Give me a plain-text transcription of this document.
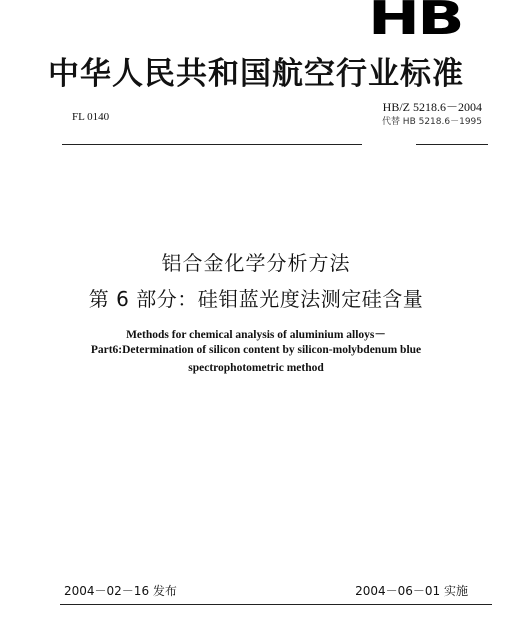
HB
中华人民共和国航空行业标准
FL 0140
HB/Z 5218.6－2004
代替 HB 5218.6－1995
铝合金化学分析方法
第 6 部分：硅钼蓝光度法测定硅含量
Methods for chemical analysis of aluminium alloys－
Part6:Determination of silicon content by silicon-molybdenum blue
spectrophotometric method
2004－02－16 发布	2004－06－01 实施
